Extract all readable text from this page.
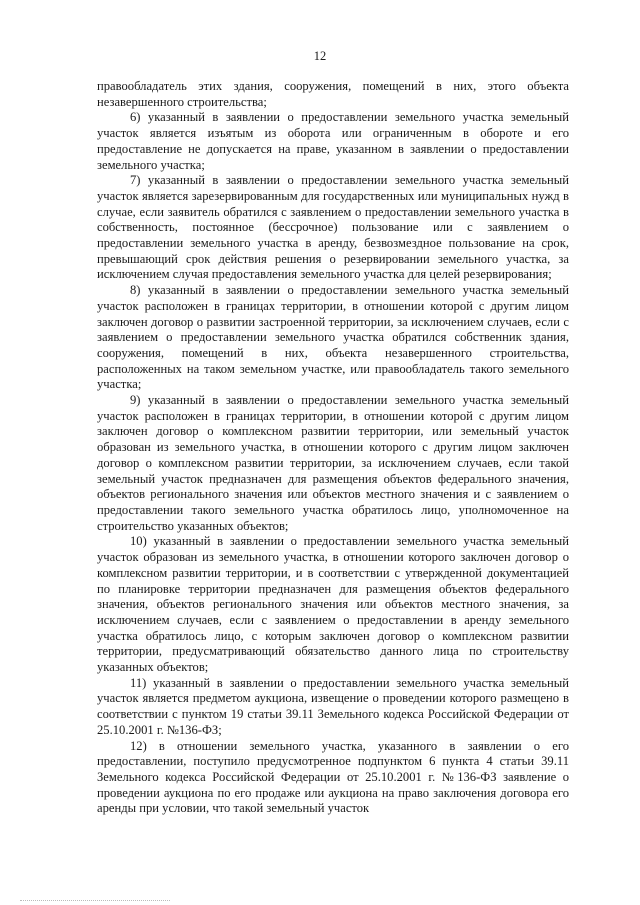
12

правообладатель этих здания, сооружения, помещений в них, этого объекта незавершенного строительства;

6) указанный в заявлении о предоставлении земельного участка земельный участок является изъятым из оборота или ограниченным в обороте и его предоставление не допускается на праве, указанном в заявлении о предоставлении земельного участка;

7) указанный в заявлении о предоставлении земельного участка земельный участок является зарезервированным для государственных или муниципальных нужд в случае, если заявитель обратился с заявлением о предоставлении земельного участка в собственность, постоянное (бессрочное) пользование или с заявлением о предоставлении земельного участка в аренду, безвозмездное пользование на срок, превышающий срок действия решения о резервировании земельного участка, за исключением случая предоставления земельного участка для целей резервирования;

8) указанный в заявлении о предоставлении земельного участка земельный участок расположен в границах территории, в отношении которой с другим лицом заключен договор о развитии застроенной территории, за исключением случаев, если с заявлением о предоставлении земельного участка обратился собственник здания, сооружения, помещений в них, объекта незавершенного строительства, расположенных на таком земельном участке, или правообладатель такого земельного участка;

9) указанный в заявлении о предоставлении земельного участка земельный участок расположен в границах территории, в отношении которой с другим лицом заключен договор о комплексном развитии территории, или земельный участок образован из земельного участка, в отношении которого с другим лицом заключен договор о комплексном развитии территории, за исключением случаев, если такой земельный участок предназначен для размещения объектов федерального значения, объектов регионального значения или объектов местного значения и с заявлением о предоставлении такого земельного участка обратилось лицо, уполномоченное на строительство указанных объектов;

10) указанный в заявлении о предоставлении земельного участка земельный участок образован из земельного участка, в отношении которого заключен договор о комплексном развитии территории, и в соответствии с утвержденной документацией по планировке территории предназначен для размещения объектов федерального значения, объектов регионального значения или объектов местного значения, за исключением случаев, если с заявлением о предоставлении в аренду земельного участка обратилось лицо, с которым заключен договор о комплексном развитии территории, предусматривающий обязательство данного лица по строительству указанных объектов;

11) указанный в заявлении о предоставлении земельного участка земельный участок является предметом аукциона, извещение о проведении которого размещено в соответствии с пунктом 19 статьи 39.11 Земельного кодекса Российской Федерации от 25.10.2001 г. №136-ФЗ;

12) в отношении земельного участка, указанного в заявлении о его предоставлении, поступило предусмотренное подпунктом 6 пункта 4 статьи 39.11 Земельного кодекса Российской Федерации от 25.10.2001 г. №136-ФЗ заявление о проведении аукциона по его продаже или аукциона на право заключения договора его аренды при условии, что такой земельный участок
